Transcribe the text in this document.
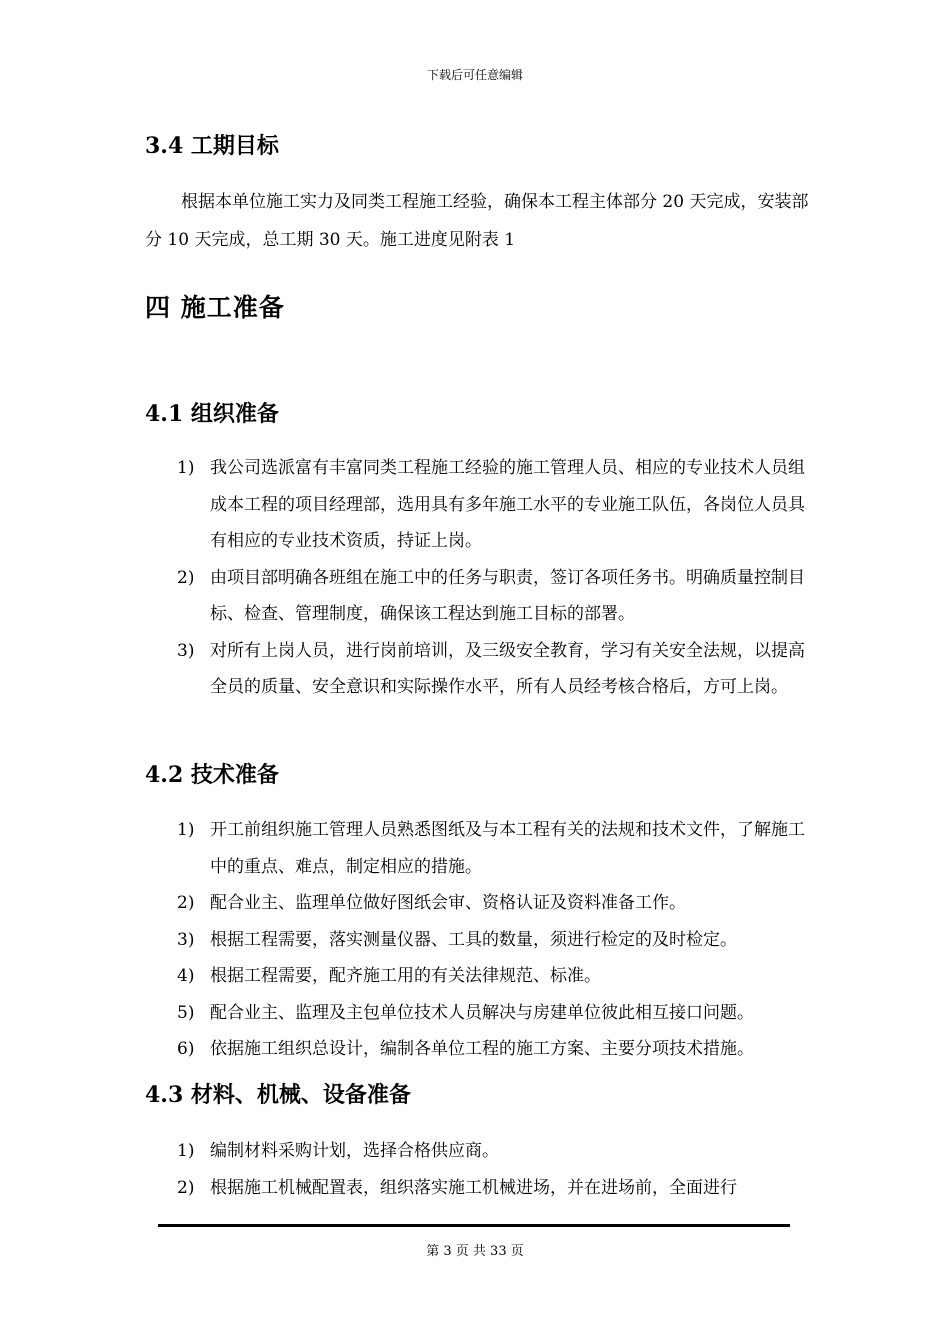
下载后可任意编辑
3.4 工期目标

根据本单位施工实力及同类工程施工经验，确保本工程主体部分 20 天完成，安装部分 10 天完成，总工期 30 天。施工进度见附表 1

四 施工准备
4.1 组织准备
1) 我公司选派富有丰富同类工程施工经验的施工管理人员、相应的专业技术人员组成本工程的项目经理部，选用具有多年施工水平的专业施工队伍，各岗位人员具有相应的专业技术资质，持证上岗。
2) 由项目部明确各班组在施工中的任务与职责，签订各项任务书。明确质量控制目标、检查、管理制度，确保该工程达到施工目标的部署。
3) 对所有上岗人员，进行岗前培训，及三级安全教育，学习有关安全法规，以提高全员的质量、安全意识和实际操作水平，所有人员经考核合格后，方可上岗。
4.2 技术准备
1) 开工前组织施工管理人员熟悉图纸及与本工程有关的法规和技术文件，了解施工中的重点、难点，制定相应的措施。
2) 配合业主、监理单位做好图纸会审、资格认证及资料准备工作。
3) 根据工程需要，落实测量仪器、工具的数量，须进行检定的及时检定。
4) 根据工程需要，配齐施工用的有关法律规范、标准。
5) 配合业主、监理及主包单位技术人员解决与房建单位彼此相互接口问题。
6) 依据施工组织总设计，编制各单位工程的施工方案、主要分项技术措施。
4.3 材料、机械、设备准备
1) 编制材料采购计划，选择合格供应商。
2) 根据施工机械配置表，组织落实施工机械进场，并在进场前，全面进行
第 3 页 共 33 页
